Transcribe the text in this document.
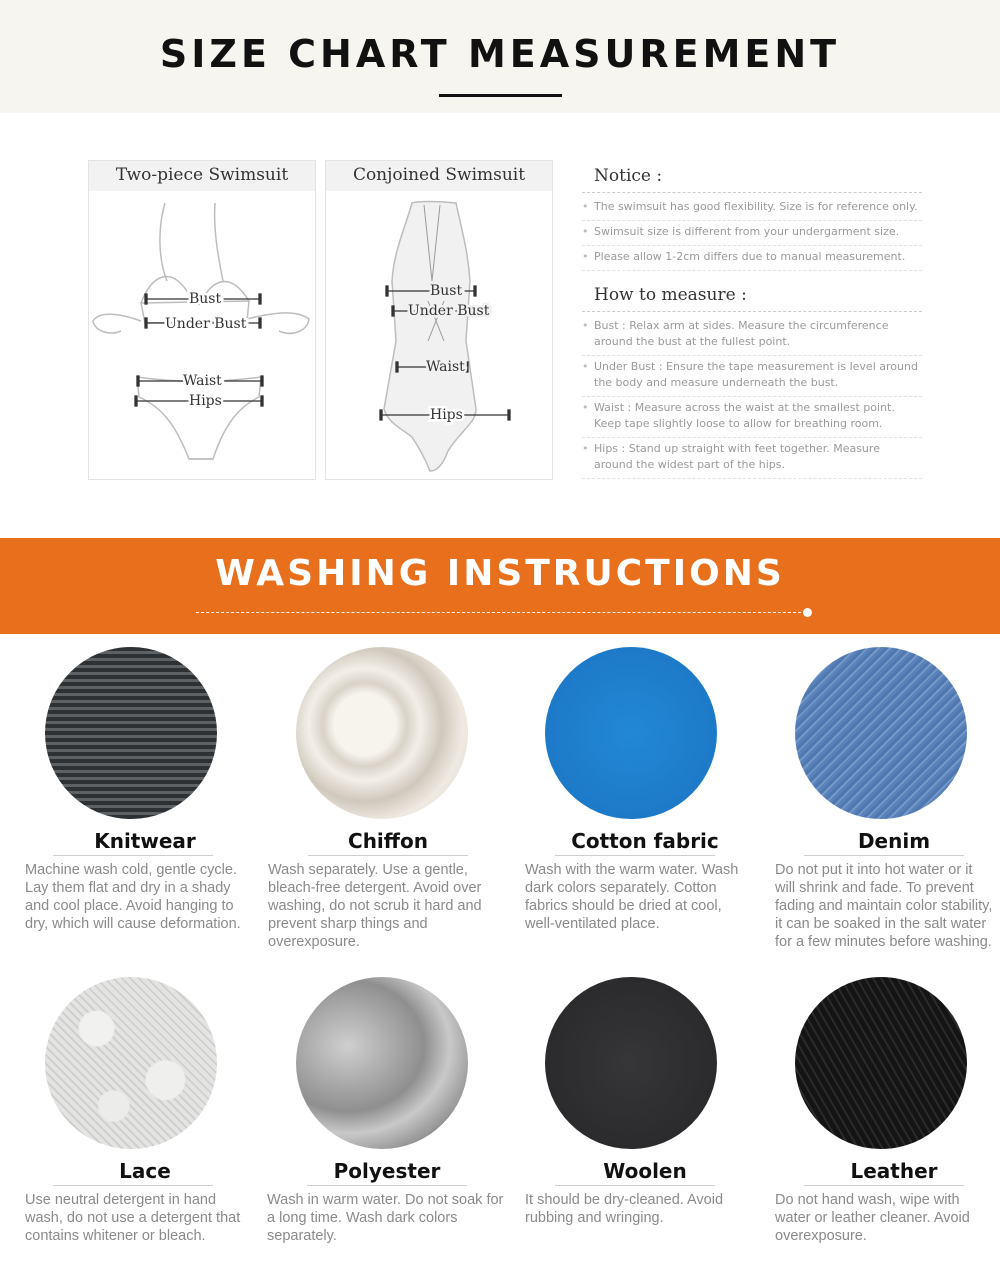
SIZE CHART MEASUREMENT
Two-piece Swimsuit
Bust
Under Bust
Waist
Hips
Conjoined Swimsuit
Bust
Under Bust
Waist
Hips
Notice :
• The swimsuit has good flexibility. Size is for reference only.
• Swimsuit size is different from your undergarment size.
• Please allow 1-2cm differs due to manual measurement.
How to measure :
• Bust : Relax arm at sides. Measure the circumference around the bust at the fullest point.
• Under Bust : Ensure the tape measurement is level around the body and measure underneath the bust.
• Waist : Measure across the waist at the smallest point. Keep tape slightly loose to allow for breathing room.
• Hips : Stand up straight with feet together. Measure around the widest part of the hips.
WASHING INSTRUCTIONS
Knitwear
Machine wash cold, gentle cycle. Lay them flat and dry in a shady and cool place. Avoid hanging to dry, which will cause deformation.
Chiffon
Wash separately. Use a gentle, bleach-free detergent. Avoid over washing, do not scrub it hard and prevent sharp things and overexposure.
Cotton fabric
Wash with the warm water. Wash dark colors separately. Cotton fabrics should be dried at cool, well-ventilated place.
Denim
Do not put it into hot water or it will shrink and fade. To prevent fading and maintain color stability, it can be soaked in the salt water for a few minutes before washing.
Lace
Use neutral detergent in hand wash, do not use a detergent that contains whitener or bleach.
Polyester
Wash in warm water. Do not soak for a long time. Wash dark colors separately.
Woolen
It should be dry-cleaned. Avoid rubbing and wringing.
Leather
Do not hand wash, wipe with water or leather cleaner. Avoid overexposure.
